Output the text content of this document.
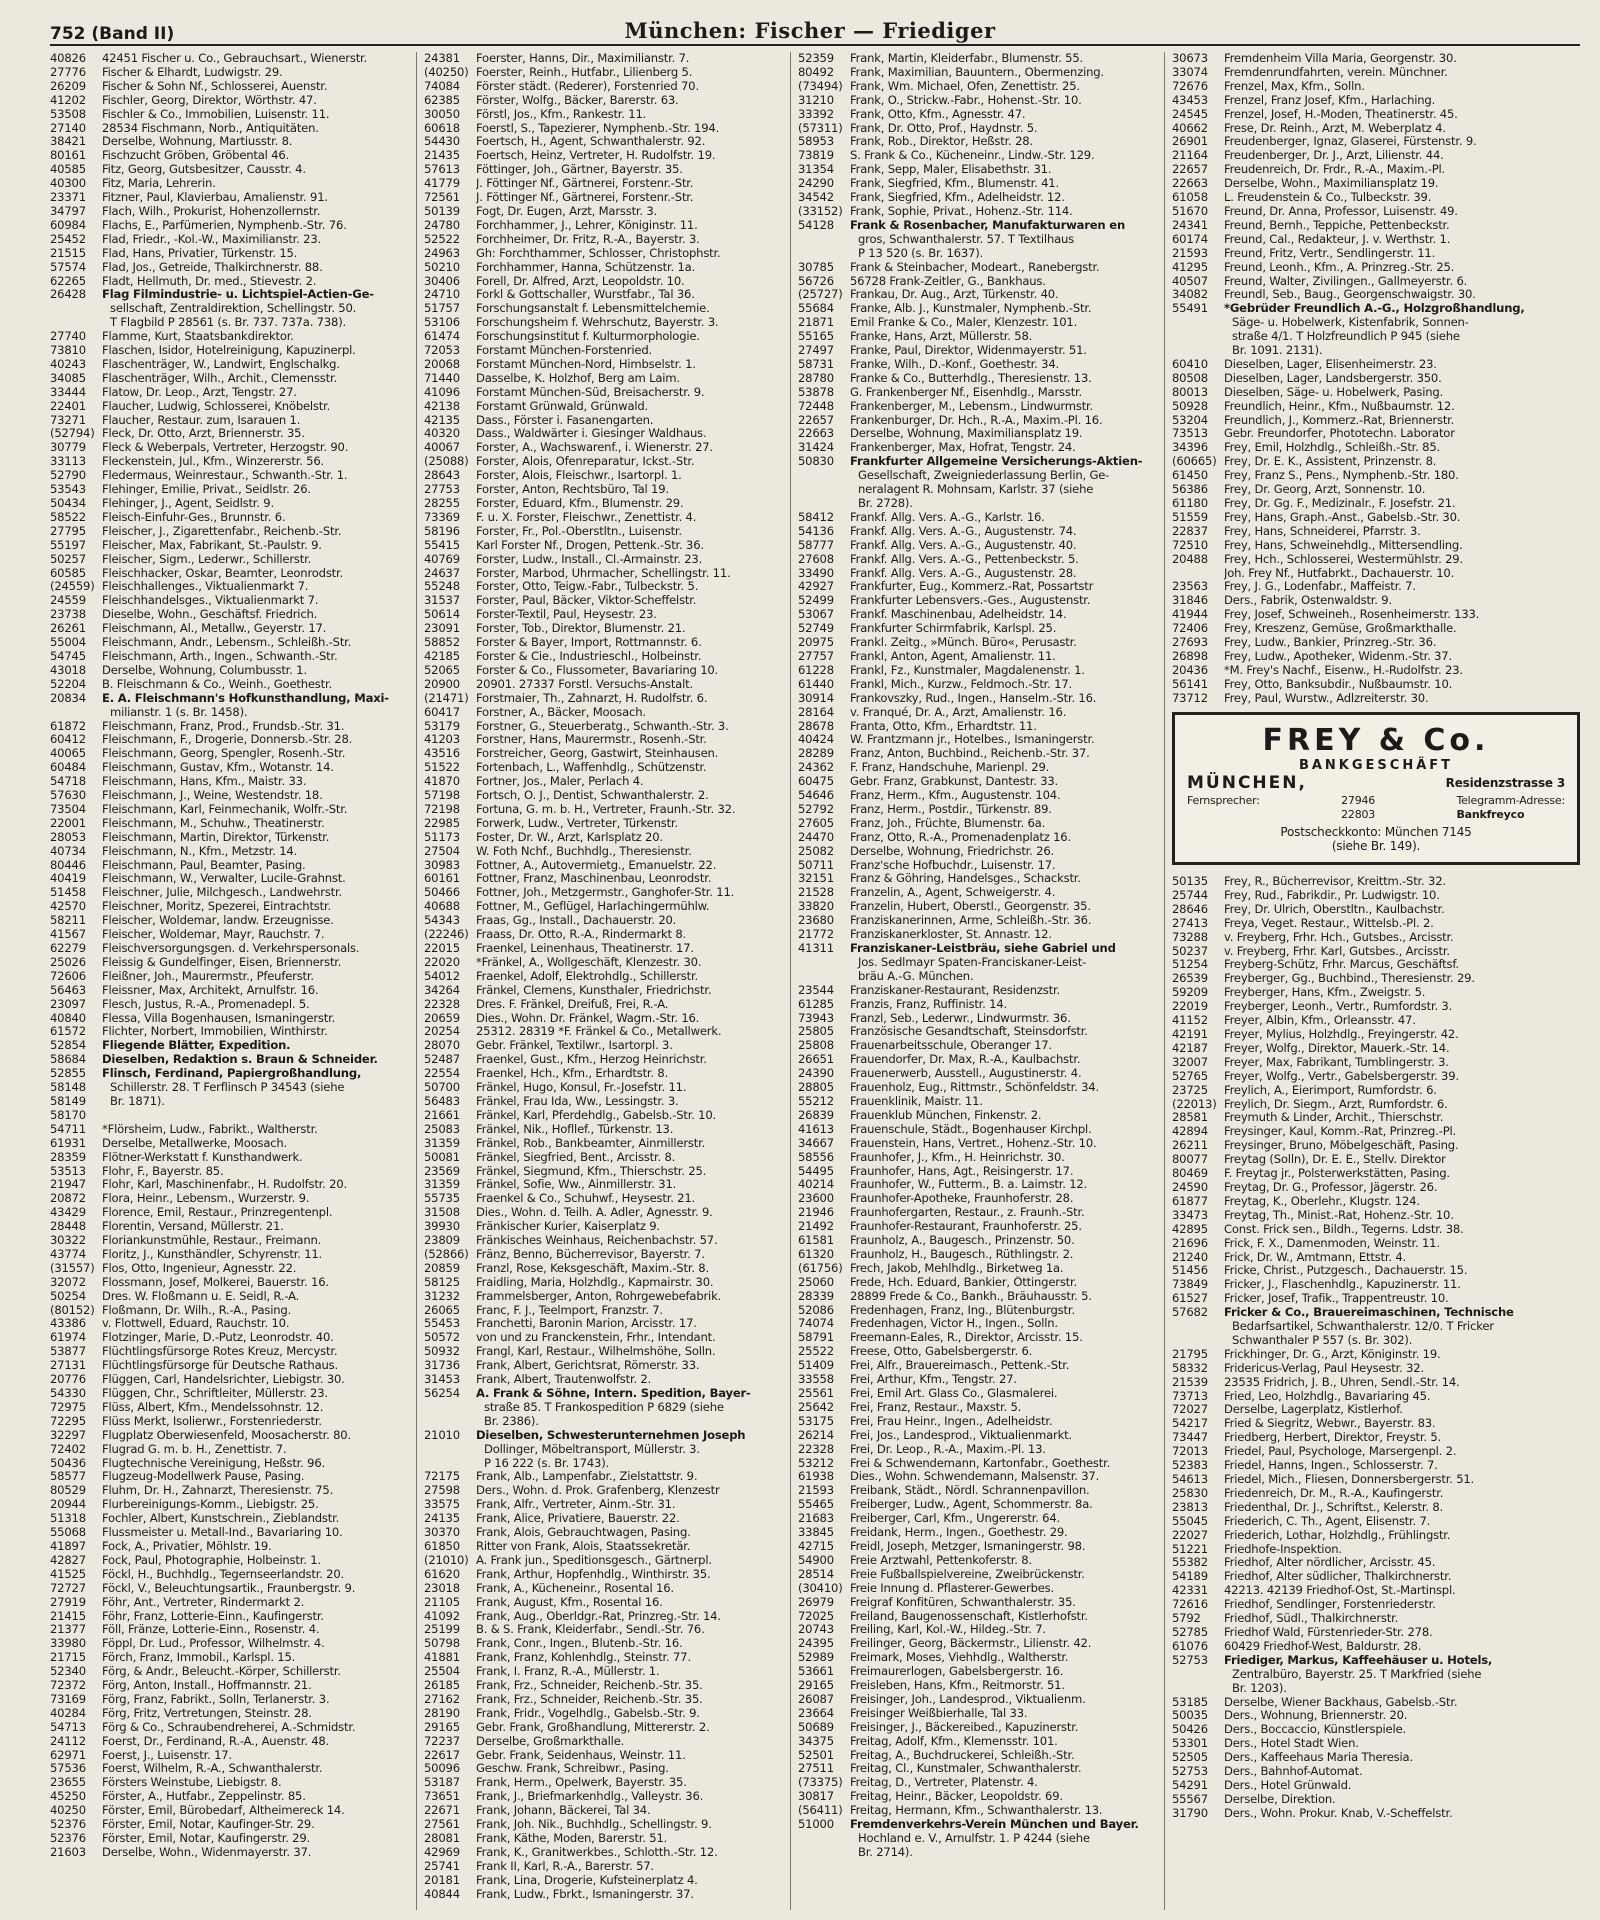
752 (Band II)	München: Fischer — Friediger
40826	42451 Fischer u. Co., Gebrauchsart., Wienerstr.
27776	Fischer & Elhardt, Ludwigstr. 29.
26209	Fischer & Sohn Nf., Schlosserei, Auenstr.
41202	Fischler, Georg, Direktor, Wörthstr. 47.
53508	Fischler & Co., Immobilien, Luisenstr. 11.
27140	28534 Fischmann, Norb., Antiquitäten.
38421	Derselbe, Wohnung, Martiusstr. 8.
80161	Fischzucht Gröben, Gröbental 46.
40585	Fitz, Georg, Gutsbesitzer, Causstr. 4.
40300	Fitz, Maria, Lehrerin.
23371	Fitzner, Paul, Klavierbau, Amalienstr. 91.
34797	Flach, Wilh., Prokurist, Hohenzollernstr.
60984	Flachs, E., Parfümerien, Nymphenb.-Str. 76.
25452	Flad, Friedr., -Kol.-W., Maximilianstr. 23.
21515	Flad, Hans, Privatier, Türkenstr. 15.
57574	Flad, Jos., Getreide, Thalkirchnerstr. 88.
62265	Fladt, Hellmuth, Dr. med., Stievestr. 2.
26428	Flag Filmindustrie- u. Lichtspiel-Actien-Ge-
sellschaft, Zentraldirektion, Schellingstr. 50.
T Flagbild P 28561 (s. Br. 737. 737a. 738).
27740	Flamme, Kurt, Staatsbankdirektor.
73810	Flaschen, Isidor, Hotelreinigung, Kapuzinerpl.
40243	Flaschenträger, W., Landwirt, Englschalkg.
34085	Flaschenträger, Wilh., Archit., Clemensstr.
33444	Flatow, Dr. Leop., Arzt, Tengstr. 27.
22401	Flaucher, Ludwig, Schlosserei, Knöbelstr.
73271	Flaucher, Restaur. zum, Isarauen 1.
(52794) Fleck, Dr. Otto, Arzt, Briennerstr. 35.
30779	Fleck & Weberpals, Vertreter, Herzogstr. 90.
33113	Fleckenstein, Jul., Kfm., Winzererstr. 56.
52790	Fledermaus, Weinrestaur., Schwanth.-Str. 1.
53543	Flehinger, Emilie, Privat., Seidlstr. 26.
50434	Flehinger, J., Agent, Seidlstr. 9.
58522	Fleisch-Einfuhr-Ges., Brunnstr. 6.
27795	Fleischer, J., Zigarettenfabr., Reichenb.-Str.
55197	Fleischer, Max, Fabrikant, St.-Paulstr. 9.
50257	Fleischer, Sigm., Lederwr., Schillerstr.
60585	Fleischhacker, Oskar, Beamter, Leonrodstr.
(24559) Fleischhallenges., Viktualienmarkt 7.
24559	Fleischhandelsges., Viktualienmarkt 7.
23738	Dieselbe, Wohn., Geschäftsf. Friedrich.
26261	Fleischmann, Al., Metallw., Geyerstr. 17.
55004	Fleischmann, Andr., Lebensm., Schleißh.-Str.
54745	Fleischmann, Arth., Ingen., Schwanth.-Str.
43018	Derselbe, Wohnung, Columbusstr. 1.
52204	B. Fleischmann & Co., Weinh., Goethestr.
20834	E. A. Fleischmann's Hofkunsthandlung, Maxi-
milianstr. 1 (s. Br. 1458).
61872	Fleischmann, Franz, Prod., Frundsb.-Str. 31.
60412	Fleischmann, F., Drogerie, Donnersb.-Str. 28.
40065	Fleischmann, Georg, Spengler, Rosenh.-Str.
60484	Fleischmann, Gustav, Kfm., Wotanstr. 14.
54718	Fleischmann, Hans, Kfm., Maistr. 33.
57630	Fleischmann, J., Weine, Westendstr. 18.
73504	Fleischmann, Karl, Feinmechanik, Wolfr.-Str.
22001	Fleischmann, M., Schuhw., Theatinerstr.
28053	Fleischmann, Martin, Direktor, Türkenstr.
40734	Fleischmann, N., Kfm., Metzstr. 14.
80446	Fleischmann, Paul, Beamter, Pasing.
40419	Fleischmann, W., Verwalter, Lucile-Grahnst.
51458	Fleischner, Julie, Milchgesch., Landwehrstr.
42570	Fleischner, Moritz, Spezerei, Eintrachtstr.
58211	Fleischer, Woldemar, landw. Erzeugnisse.
41567	Fleischer, Woldemar, Mayr, Rauchstr. 7.
62279	Fleischversorgungsgen. d. Verkehrspersonals.
25026	Fleissig & Gundelfinger, Eisen, Briennerstr.
72606	Fleißner, Joh., Maurermstr., Pfeuferstr.
56463	Fleissner, Max, Architekt, Arnulfstr. 16.
23097	Flesch, Justus, R.-A., Promenadepl. 5.
40840	Flessa, Villa Bogenhausen, Ismaningerstr.
61572	Flichter, Norbert, Immobilien, Winthirstr.
52854	Fliegende Blätter, Expedition.
58684	Dieselben, Redaktion s. Braun & Schneider.
52855	Flinsch, Ferdinand, Papiergroßhandlung,
58148	Schillerstr. 28. T Ferflinsch P 34543 (siehe
58149	Br. 1871).
58170
54711	*Flörsheim, Ludw., Fabrikt., Waltherstr.
61931	Derselbe, Metallwerke, Moosach.
28359	Flötner-Werkstatt f. Kunsthandwerk.
53513	Flohr, F., Bayerstr. 85.
21947	Flohr, Karl, Maschinenfabr., H. Rudolfstr. 20.
20872	Flora, Heinr., Lebensm., Wurzerstr. 9.
43429	Florence, Emil, Restaur., Prinzregentenpl.
28448	Florentin, Versand, Müllerstr. 21.
30322	Floriankunstmühle, Restaur., Freimann.
43774	Floritz, J., Kunsthändler, Schyrenstr. 11.
(31557) Flos, Otto, Ingenieur, Agnesstr. 22.
32072	Flossmann, Josef, Molkerei, Bauerstr. 16.
50254	Dres. W. Floßmann u. E. Seidl, R.-A.
(80152) Floßmann, Dr. Wilh., R.-A., Pasing.
43386	v. Flottwell, Eduard, Rauchstr. 10.
61974	Flotzinger, Marie, D.-Putz, Leonrodstr. 40.
53877	Flüchtlingsfürsorge Rotes Kreuz, Mercystr.
27131	Flüchtlingsfürsorge für Deutsche Rathaus.
20776	Flüggen, Carl, Handelsrichter, Liebigstr. 30.
54330	Flüggen, Chr., Schriftleiter, Müllerstr. 23.
72975	Flüss, Albert, Kfm., Mendelssohnstr. 12.
72295	Flüss Merkt, Isolierwr., Forstenriederstr.
32297	Flugplatz Oberwiesenfeld, Moosacherstr. 80.
72402	Flugrad G. m. b. H., Zenettistr. 7.
50436	Flugtechnische Vereinigung, Heßstr. 96.
58577	Flugzeug-Modellwerk Pause, Pasing.
80529	Fluhm, Dr. H., Zahnarzt, Theresienstr. 75.
20944	Flurbereinigungs-Komm., Liebigstr. 25.
51318	Fochler, Albert, Kunstschrein., Zieblandstr.
55068	Flussmeister u. Metall-Ind., Bavariaring 10.
41897	Fock, A., Privatier, Möhlstr. 19.
42827	Fock, Paul, Photographie, Holbeinstr. 1.
41525	Föckl, H., Buchhdlg., Tegernseerlandstr. 20.
72727	Föckl, V., Beleuchtungsartik., Fraunbergstr. 9.
27919	Föhr, Ant., Vertreter, Rindermarkt 2.
21415	Föhr, Franz, Lotterie-Einn., Kaufingerstr.
21377	Föll, Fränze, Lotterie-Einn., Rosenstr. 4.
33980	Föppl, Dr. Lud., Professor, Wilhelmstr. 4.
21715	Förch, Franz, Immobil., Karlspl. 15.
52340	Förg, & Andr., Beleucht.-Körper, Schillerstr.
72372	Förg, Anton, Install., Hoffmannstr. 21.
73169	Förg, Franz, Fabrikt., Solln, Terlanerstr. 3.
40284	Förg, Fritz, Vertretungen, Steinstr. 28.
54713	Förg & Co., Schraubendreherei, A.-Schmidstr.
24112	Foerst, Dr., Ferdinand, R.-A., Auenstr. 48.
62971	Foerst, J., Luisenstr. 17.
57536	Foerst, Wilhelm, R.-A., Schwanthalerstr.
23655	Försters Weinstube, Liebigstr. 8.
45250	Förster, A., Hutfabr., Zeppelinstr. 85.
40250	Förster, Emil, Bürobedarf, Altheimereck 14.
52376	Förster, Emil, Notar, Kaufinger-Str. 29.
52376	Förster, Emil, Notar, Kaufingerstr. 29.
21603	Derselbe, Wohn., Widenmayerstr. 37.
24381	Foerster, Hanns, Dir., Maximilianstr. 7.
(40250) Foerster, Reinh., Hutfabr., Lilienberg 5.
74084	Förster städt. (Rederer), Forstenried 70.
62385	Förster, Wolfg., Bäcker, Barerstr. 63.
30050	Förstl, Jos., Kfm., Rankestr. 11.
60618	Foerstl, S., Tapezierer, Nymphenb.-Str. 194.
54430	Foertsch, H., Agent, Schwanthalerstr. 92.
21435	Foertsch, Heinz, Vertreter, H. Rudolfstr. 19.
57613	Föttinger, Joh., Gärtner, Bayerstr. 35.
41779	J. Föttinger Nf., Gärtnerei, Forstenr.-Str.
72561	J. Föttinger Nf., Gärtnerei, Forstenr.-Str.
50139	Fogt, Dr. Eugen, Arzt, Marsstr. 3.
24780	Forchhammer, J., Lehrer, Königinstr. 11.
52522	Forchheimer, Dr. Fritz, R.-A., Bayerstr. 3.
24963	Gh: Forchthammer, Schlosser, Christophstr.
50210	Forchhammer, Hanna, Schützenstr. 1a.
30406	Forell, Dr. Alfred, Arzt, Leopoldstr. 10.
24710	Forkl & Gottschaller, Wurstfabr., Tal 36.
51757	Forschungsanstalt f. Lebensmittelchemie.
53106	Forschungsheim f. Wehrschutz, Bayerstr. 3.
61474	Forschungsinstitut f. Kulturmorphologie.
72053	Forstamt München-Forstenried.
20068	Forstamt München-Nord, Himbselstr. 1.
71440	Dasselbe, K. Holzhof, Berg am Laim.
41096	Forstamt München-Süd, Breisacherstr. 9.
42138	Forstamt Grünwald, Grünwald.
42135	Dass., Förster i. Fasanengarten.
40320	Dass., Waldwärter i. Giesinger Waldhaus.
40067	Forster, A., Wachswarenf., i. Wienerstr. 27.
(25088) Forster, Alois, Ofenreparatur, Ickst.-Str.
28643	Forster, Alois, Fleischwr., Isartorpl. 1.
27753	Forster, Anton, Rechtsbüro, Tal 19.
28255	Forster, Eduard, Kfm., Blumenstr. 29.
73369	F. u. X. Forster, Fleischwr., Zenettistr. 4.
58196	Forster, Fr., Pol.-Oberstltn., Luisenstr.
55415	Karl Forster Nf., Drogen, Pettenk.-Str. 36.
40769	Forster, Ludw., Install., Cl.-Armainstr. 23.
24637	Forster, Marbod, Uhrmacher, Schellingstr. 11.
55248	Forster, Otto, Teigw.-Fabr., Tulbeckstr. 5.
31537	Forster, Paul, Bäcker, Viktor-Scheffelstr.
50614	Forster-Textil, Paul, Heysestr. 23.
23091	Forster, Tob., Direktor, Blumenstr. 21.
58852	Forster & Bayer, Import, Rottmannstr. 6.
42185	Forster & Cie., Industrieschl., Holbeinstr.
52065	Forster & Co., Flussometer, Bavariaring 10.
20900	20901. 27337 Forstl. Versuchs-Anstalt.
(21471) Forstmaier, Th., Zahnarzt, H. Rudolfstr. 6.
60417	Forstner, A., Bäcker, Moosach.
53179	Forstner, G., Steuerberatg., Schwanth.-Str. 3.
41203	Forstner, Hans, Maurermstr., Rosenh.-Str.
43516	Forstreicher, Georg, Gastwirt, Steinhausen.
51522	Fortenbach, L., Waffenhdlg., Schützenstr.
41870	Fortner, Jos., Maler, Perlach 4.
57198	Fortsch, O. J., Dentist, Schwanthalerstr. 2.
72198	Fortuna, G. m. b. H., Vertreter, Fraunh.-Str. 32.
22985	Forwerk, Ludw., Vertreter, Türkenstr.
51173	Foster, Dr. W., Arzt, Karlsplatz 20.
27504	W. Foth Nchf., Buchhdlg., Theresienstr.
30983	Fottner, A., Autovermietg., Emanuelstr. 22.
60161	Fottner, Franz, Maschinenbau, Leonrodstr.
50466	Fottner, Joh., Metzgermstr., Ganghofer-Str. 11.
40688	Fottner, M., Geflügel, Harlachingermühlw.
54343	Fraas, Gg., Install., Dachauerstr. 20.
(22246) Fraass, Dr. Otto, R.-A., Rindermarkt 8.
22015	Fraenkel, Leinenhaus, Theatinerstr. 17.
22020	*Fränkel, A., Wollgeschäft, Klenzestr. 30.
54012	Fraenkel, Adolf, Elektrohdlg., Schillerstr.
34264	Fränkel, Clemens, Kunsthaler, Friedrichstr.
22328	Dres. F. Fränkel, Dreifuß, Frei, R.-A.
20659	Dies., Wohn. Dr. Fränkel, Wagm.-Str. 16.
20254	25312. 28319 *F. Fränkel & Co., Metallwerk.
28070	Gebr. Fränkel, Textilwr., Isartorpl. 3.
52487	Fraenkel, Gust., Kfm., Herzog Heinrichstr.
22554	Fraenkel, Hch., Kfm., Erhardtstr. 8.
50700	Fränkel, Hugo, Konsul, Fr.-Josefstr. 11.
56483	Fränkel, Frau Ida, Ww., Lessingstr. 3.
21661	Fränkel, Karl, Pferdehdlg., Gabelsb.-Str. 10.
25083	Fränkel, Nik., Hofllef., Türkenstr. 13.
31359	Fränkel, Rob., Bankbeamter, Ainmillerstr.
50081	Fränkel, Siegfried, Bent., Arcisstr. 8.
23569	Fränkel, Siegmund, Kfm., Thierschstr. 25.
31359	Fränkel, Sofie, Ww., Ainmillerstr. 31.
55735	Fraenkel & Co., Schuhwf., Heysestr. 21.
31508	Dies., Wohn. d. Teilh. A. Adler, Agnesstr. 9.
39930	Fränkischer Kurier, Kaiserplatz 9.
23809	Fränkisches Weinhaus, Reichenbachstr. 57.
(52866) Fränz, Benno, Bücherrevisor, Bayerstr. 7.
20859	Franzl, Rose, Keksgeschäft, Maxim.-Str. 8.
58125	Fraidling, Maria, Holzhdlg., Kapmairstr. 30.
31232	Frammelsberger, Anton, Rohrgewebefabrik.
26065	Franc, F. J., Teelmport, Franzstr. 7.
55453	Franchetti, Baronin Marion, Arcisstr. 17.
50572	von und zu Franckenstein, Frhr., Intendant.
50932	Frangl, Karl, Restaur., Wilhelmshöhe, Solln.
31736	Frank, Albert, Gerichtsrat, Römerstr. 33.
31453	Frank, Albert, Trautenwolfstr. 2.
56254	A. Frank & Söhne, Intern. Spedition, Bayer-
straße 85. T Frankospedition P 6829 (siehe
Br. 2386).
21010	Dieselben, Schwesterunternehmen Joseph
Dollinger, Möbeltransport, Müllerstr. 3.
P 16 222 (s. Br. 1743).
72175	Frank, Alb., Lampenfabr., Zielstattstr. 9.
27598	Ders., Wohn. d. Prok. Grafenberg, Klenzestr
33575	Frank, Alfr., Vertreter, Ainm.-Str. 31.
24135	Frank, Alice, Privatiere, Bauerstr. 22.
30370	Frank, Alois, Gebrauchtwagen, Pasing.
61850	Ritter von Frank, Alois, Staatssekretär.
(21010) A. Frank jun., Speditionsgesch., Gärtnerpl.
61620	Frank, Arthur, Hopfenhdlg., Winthirstr. 35.
23018	Frank, A., Kücheneinr., Rosental 16.
21105	Frank, August, Kfm., Rosental 16.
41092	Frank, Aug., Oberldgr.-Rat, Prinzreg.-Str. 14.
25199	B. & S. Frank, Kleiderfabr., Sendl.-Str. 76.
50798	Frank, Conr., Ingen., Blutenb.-Str. 16.
41881	Frank, Franz, Kohlenhdlg., Steinstr. 77.
25504	Frank, I. Franz, R.-A., Müllerstr. 1.
26185	Frank, Frz., Schneider, Reichenb.-Str. 35.
27162	Frank, Frz., Schneider, Reichenb.-Str. 35.
28190	Frank, Fridr., Vogelhdlg., Gabelsb.-Str. 9.
29165	Gebr. Frank, Großhandlung, Mittererstr. 2.
72237	Derselbe, Großmarkthalle.
22617	Gebr. Frank, Seidenhaus, Weinstr. 11.
50096	Geschw. Frank, Schreibwr., Pasing.
53187	Frank, Herm., Opelwerk, Bayerstr. 35.
73651	Frank, J., Briefmarkenhdlg., Valleystr. 36.
22671	Frank, Johann, Bäckerei, Tal 34.
27561	Frank, Joh. Nik., Buchhdlg., Schellingstr. 9.
28081	Frank, Käthe, Moden, Barerstr. 51.
42969	Frank, K., Granitwerkbes., Schlotth.-Str. 12.
25741	Frank II, Karl, R.-A., Barerstr. 57.
20181	Frank, Lina, Drogerie, Kufsteinerplatz 4.
40844	Frank, Ludw., Fbrkt., Ismaningerstr. 37.
52359	Frank, Martin, Kleiderfabr., Blumenstr. 55.
80492	Frank, Maximilian, Bauuntern., Obermenzing.
(73494) Frank, Wm. Michael, Ofen, Zenettistr. 25.
31210	Frank, O., Strickw.-Fabr., Hohenst.-Str. 10.
33392	Frank, Otto, Kfm., Agnesstr. 47.
(57311) Frank, Dr. Otto, Prof., Haydnstr. 5.
58953	Frank, Rob., Direktor, Heßstr. 28.
73819	S. Frank & Co., Kücheneinr., Lindw.-Str. 129.
31354	Frank, Sepp, Maler, Elisabethstr. 31.
24290	Frank, Siegfried, Kfm., Blumenstr. 41.
34542	Frank, Siegfried, Kfm., Adelheidstr. 12.
(33152) Frank, Sophie, Privat., Hohenz.-Str. 114.
54128	Frank & Rosenbacher, Manufakturwaren en
gros, Schwanthalerstr. 57. T Textilhaus
P 13 520 (s. Br. 1637).
30785	Frank & Steinbacher, Modeart., Ranebergstr.
56726	56728 Frank-Zeitler, G., Bankhaus.
(25727) Frankau, Dr. Aug., Arzt, Türkenstr. 40.
55684	Franke, Alb. J., Kunstmaler, Nymphenb.-Str.
21871	Emil Franke & Co., Maler, Klenzestr. 101.
55165	Franke, Hans, Arzt, Müllerstr. 58.
27497	Franke, Paul, Direktor, Widenmayerstr. 51.
58731	Franke, Wilh., D.-Konf., Goethestr. 34.
28780	Franke & Co., Butterhdlg., Theresienstr. 13.
53878	G. Frankenberger Nf., Eisenhdlg., Marsstr.
72448	Frankenberger, M., Lebensm., Lindwurmstr.
22657	Frankenburger, Dr. Hch., R.-A., Maxim.-Pl. 16.
22663	Derselbe, Wohnung, Maximiliansplatz 19.
31424	Frankenberger, Max, Hofrat, Tengstr. 24.
50830	Frankfurter Allgemeine Versicherungs-Aktien-
Gesellschaft, Zweigniederlassung Berlin, Ge-
neralagent R. Mohnsam, Karlstr. 37 (siehe
Br. 2728).
58412	Frankf. Allg. Vers. A.-G., Karlstr. 16.
54136	Frankf. Allg. Vers. A.-G., Augustenstr. 74.
58777	Frankf. Allg. Vers. A.-G., Augustenstr. 40.
27608	Frankf. Allg. Vers. A.-G., Pettenbeckstr. 5.
33490	Frankf. Allg. Vers. A.-G., Augustenstr. 28.
42927	Frankfurter, Eug., Kommerz.-Rat, Possartstr
52499	Frankfurter Lebensvers.-Ges., Augustenstr.
53067	Frankf. Maschinenbau, Adelheidstr. 14.
52749	Frankfurter Schirmfabrik, Karlspl. 25.
20975	Frankl. Zeitg., »Münch. Büro«, Perusastr.
27757	Frankl, Anton, Agent, Amalienstr. 11.
61228	Frankl, Fz., Kunstmaler, Magdalenenstr. 1.
61440	Frankl, Mich., Kurzw., Feldmoch.-Str. 17.
30914	Frankovszky, Rud., Ingen., Hanselm.-Str. 16.
28164	v. Franqué, Dr. A., Arzt, Amalienstr. 16.
28678	Franta, Otto, Kfm., Erhardtstr. 11.
40424	W. Frantzmann jr., Hotelbes., Ismaningerstr.
28289	Franz, Anton, Buchbind., Reichenb.-Str. 37.
24362	F. Franz, Handschuhe, Marienpl. 29.
60475	Gebr. Franz, Grabkunst, Dantestr. 33.
54646	Franz, Herm., Kfm., Augustenstr. 104.
52792	Franz, Herm., Postdir., Türkenstr. 89.
27605	Franz, Joh., Früchte, Blumenstr. 6a.
24470	Franz, Otto, R.-A., Promenadenplatz 16.
25082	Derselbe, Wohnung, Friedrichstr. 26.
50711	Franz'sche Hofbuchdr., Luisenstr. 17.
32151	Franz & Göhring, Handelsges., Schackstr.
21528	Franzelin, A., Agent, Schweigerstr. 4.
33820	Franzelin, Hubert, Oberstl., Georgenstr. 35.
23680	Franziskanerinnen, Arme, Schleißh.-Str. 36.
21772	Franziskanerkloster, St. Annastr. 12.
41311	Franziskaner-Leistbräu, siehe Gabriel und
Jos. Sedlmayr Spaten-Franciskaner-Leist-
bräu A.-G. München.
23544	Franziskaner-Restaurant, Residenzstr.
61285	Franzis, Franz, Ruffinistr. 14.
73943	Franzl, Seb., Lederwr., Lindwurmstr. 36.
25805	Französische Gesandtschaft, Steinsdorfstr.
25808	Frauenarbeitsschule, Oberanger 17.
26651	Frauendorfer, Dr. Max, R.-A., Kaulbachstr.
24390	Frauenerwerb, Ausstell., Augustinerstr. 4.
28805	Frauenholz, Eug., Rittmstr., Schönfeldstr. 34.
55212	Frauenklinik, Maistr. 11.
26839	Frauenklub München, Finkenstr. 2.
41613	Frauenschule, Städt., Bogenhauser Kirchpl.
34667	Frauenstein, Hans, Vertret., Hohenz.-Str. 10.
58556	Fraunhofer, J., Kfm., H. Heinrichstr. 30.
54495	Fraunhofer, Hans, Agt., Reisingerstr. 17.
40214	Fraunhofer, W., Futterm., B. a. Laimstr. 12.
23600	Fraunhofer-Apotheke, Fraunhoferstr. 28.
21946	Fraunhofergarten, Restaur., z. Fraunh.-Str.
21492	Fraunhofer-Restaurant, Fraunhoferstr. 25.
61581	Fraunholz, A., Baugesch., Prinzenstr. 50.
61320	Fraunholz, H., Baugesch., Rüthlingstr. 2.
(61756) Frech, Jakob, Mehlhdlg., Birketweg 1a.
25060	Frede, Hch. Eduard, Bankier, Öttingerstr.
28339	28899 Frede & Co., Bankh., Bräuhausstr. 5.
52086	Fredenhagen, Franz, Ing., Blütenburgstr.
74074	Fredenhagen, Victor H., Ingen., Solln.
58791	Freemann-Eales, R., Direktor, Arcisstr. 15.
25522	Freese, Otto, Gabelsbergerstr. 6.
51409	Frei, Alfr., Brauereimasch., Pettenk.-Str.
33558	Frei, Arthur, Kfm., Tengstr. 27.
25561	Frei, Emil Art. Glass Co., Glasmalerei.
25642	Frei, Franz, Restaur., Maxstr. 5.
53175	Frei, Frau Heinr., Ingen., Adelheidstr.
26214	Frei, Jos., Landesprod., Viktualienmarkt.
22328	Frei, Dr. Leop., R.-A., Maxim.-Pl. 13.
53212	Frei & Schwendemann, Kartonfabr., Goethestr.
61938	Dies., Wohn. Schwendemann, Malsenstr. 37.
21593	Freibank, Städt., Nördl. Schrannenpavillon.
55465	Freiberger, Ludw., Agent, Schommerstr. 8a.
21683	Freiberger, Carl, Kfm., Ungererstr. 64.
33845	Freidank, Herm., Ingen., Goethestr. 29.
42715	Freidl, Joseph, Metzger, Ismaningerstr. 98.
54900	Freie Arztwahl, Pettenkoferstr. 8.
28514	Freie Fußballspielvereine, Zweibrückenstr.
(30410) Freie Innung d. Pflasterer-Gewerbes.
26979	Freigraf Konfitüren, Schwanthalerstr. 35.
72025	Freiland, Baugenossenschaft, Kistlerhofstr.
20743	Freiling, Karl, Kol.-W., Hildeg.-Str. 7.
24395	Freilinger, Georg, Bäckermstr., Lilienstr. 42.
52989	Freimark, Moses, Viehhdlg., Waltherstr.
53661	Freimaurerlogen, Gabelsbergerstr. 16.
29165	Freisleben, Hans, Kfm., Reitmorstr. 51.
26087	Freisinger, Joh., Landesprod., Viktualienm.
23664	Freisinger Weißbierhalle, Tal 33.
50689	Freisinger, J., Bäckereibed., Kapuzinerstr.
34375	Freitag, Adolf, Kfm., Klemensstr. 101.
52501	Freitag, A., Buchdruckerei, Schleißh.-Str.
27511	Freitag, Cl., Kunstmaler, Schwanthalerstr.
(73375) Freitag, D., Vertreter, Platenstr. 4.
30817	Freitag, Heinr., Bäcker, Leopoldstr. 69.
(56411) Freitag, Hermann, Kfm., Schwanthalerstr. 13.
51000	Fremdenverkehrs-Verein München und Bayer.
Hochland e. V., Arnulfstr. 1. P 4244 (siehe
Br. 2714).
30673	Fremdenheim Villa Maria, Georgenstr. 30.
33074	Fremdenrundfahrten, verein. Münchner.
72676	Frenzel, Max, Kfm., Solln.
43453	Frenzel, Franz Josef, Kfm., Harlaching.
24545	Frenzel, Josef, H.-Moden, Theatinerstr. 45.
40662	Frese, Dr. Reinh., Arzt, M. Weberplatz 4.
26901	Freudenberger, Ignaz, Glaserei, Fürstenstr. 9.
21164	Freudenberger, Dr. J., Arzt, Lilienstr. 44.
22657	Freudenreich, Dr. Frdr., R.-A., Maxim.-Pl.
22663	Derselbe, Wohn., Maximiliansplatz 19.
61058	L. Freudenstein & Co., Tulbeckstr. 39.
51670	Freund, Dr. Anna, Professor, Luisenstr. 49.
24341	Freund, Bernh., Teppiche, Pettenbeckstr.
60174	Freund, Cal., Redakteur, J. v. Werthstr. 1.
21593	Freund, Fritz, Vertr., Sendlingerstr. 11.
41295	Freund, Leonh., Kfm., A. Prinzreg.-Str. 25.
40507	Freund, Walter, Zivilingen., Gallmeyerstr. 6.
34082	Freundl, Seb., Baug., Georgenschwaigstr. 30.
55491	*Gebrüder Freundlich A.-G., Holzgroßhandlung,
Säge- u. Hobelwerk, Kistenfabrik, Sonnen-
straße 4/1. T Holzfreundlich P 945 (siehe
Br. 1091. 2131).
60410	Dieselben, Lager, Elisenheimerstr. 23.
80508	Dieselben, Lager, Landsbergerstr. 350.
80013	Dieselben, Säge- u. Hobelwerk, Pasing.
50928	Freundlich, Heinr., Kfm., Nußbaumstr. 12.
53204	Freundlich, J., Kommerz.-Rat, Briennerstr.
73513	Gebr. Freundorfer, Phototechn. Laborator
34396	Frey, Emil, Holzhdlg., Schleißh.-Str. 85.
(60665) Frey, Dr. E. K., Assistent, Prinzenstr. 8.
61450	Frey, Franz S., Pens., Nymphenb.-Str. 180.
56386	Frey, Dr. Georg, Arzt, Sonnenstr. 10.
61180	Frey, Dr. Gg. F., Medizinalr., F. Josefstr. 21.
51559	Frey, Hans, Graph.-Anst., Gabelsb.-Str. 30.
22837	Frey, Hans, Schneiderei, Pfarrstr. 3.
72510	Frey, Hans, Schweinehdlg., Mittersendling.
20488	Frey, Hch., Schlosserei, Westermühlstr. 29.
Joh. Frey Nf., Hutfabrkt., Dachauerstr. 10.
23563	Frey, J. G., Lodenfabr., Maffeistr. 7.
31846	Ders., Fabrik, Ostenwaldstr. 9.
41944	Frey, Josef, Schweineh., Rosenheimerstr. 133.
72406	Frey, Kreszenz, Gemüse, Großmarkthalle.
27693	Frey, Ludw., Bankier, Prinzreg.-Str. 36.
26898	Frey, Ludw., Apotheker, Widenm.-Str. 37.
20436	*M. Frey's Nachf., Eisenw., H.-Rudolfstr. 23.
56141	Frey, Otto, Banksubdir., Nußbaumstr. 10.
73712	Frey, Paul, Wurstw., Adlzreiterstr. 30.
FREY & Co.
BANKGESCHÄFT
MÜNCHEN,	Residenzstrasse 3
Fernsprecher:	27946
22803
Telegramm-Adresse:
Bankfreyco
Postscheckkonto: München 7145
(siehe Br. 149).
50135	Frey, R., Bücherrevisor, Kreittm.-Str. 32.
25744	Frey, Rud., Fabrikdir., Pr. Ludwigstr. 10.
28646	Frey, Dr. Ulrich, Oberstltn., Kaulbachstr.
27413	Freya, Veget. Restaur., Wittelsb.-Pl. 2.
73288	v. Freyberg, Frhr. Hch., Gutsbes., Arcisstr.
50237	v. Freyberg, Frhr. Karl, Gutsbes., Arcisstr.
51254	Freyberg-Schütz, Frhr. Marcus, Geschäftsf.
26539	Freyberger, Gg., Buchbind., Theresienstr. 29.
59209	Freyberger, Hans, Kfm., Zweigstr. 5.
22019	Freyberger, Leonh., Vertr., Rumfordstr. 3.
41152	Freyer, Albin, Kfm., Orleansstr. 47.
42191	Freyer, Mylius, Holzhdlg., Freyingerstr. 42.
42187	Freyer, Wolfg., Direktor, Mauerk.-Str. 14.
32007	Freyer, Max, Fabrikant, Tumblingerstr. 3.
52765	Freyer, Wolfg., Vertr., Gabelsbergerstr. 39.
23725	Freylich, A., Eierimport, Rumfordstr. 6.
(22013) Freylich, Dr. Siegm., Arzt, Rumfordstr. 6.
28581	Freymuth & Linder, Archit., Thierschstr.
42894	Freysinger, Kaul, Komm.-Rat, Prinzreg.-Pl.
26211	Freysinger, Bruno, Möbelgeschäft, Pasing.
80077	Freytag (Solln), Dr. E. E., Stellv. Direktor
80469	F. Freytag jr., Polsterwerkstätten, Pasing.
24590	Freytag, Dr. G., Professor, Jägerstr. 26.
61877	Freytag, K., Oberlehr., Klugstr. 124.
33473	Freytag, Th., Minist.-Rat, Hohenz.-Str. 10.
42895	Const. Frick sen., Bildh., Tegerns. Ldstr. 38.
21696	Frick, F. X., Damenmoden, Weinstr. 11.
21240	Frick, Dr. W., Amtmann, Ettstr. 4.
51456	Fricke, Christ., Putzgesch., Dachauerstr. 15.
73849	Fricker, J., Flaschenhdlg., Kapuzinerstr. 11.
61527	Fricker, Josef, Trafik., Trappentreustr. 10.
57682	Fricker & Co., Brauereimaschinen, Technische
Bedarfsartikel, Schwanthalerstr. 12/0. T Fricker
Schwanthaler P 557 (s. Br. 302).
21795	Frickhinger, Dr. G., Arzt, Königinstr. 19.
58332	Fridericus-Verlag, Paul Heysestr. 32.
21539	23535 Fridrich, J. B., Uhren, Sendl.-Str. 14.
73713	Fried, Leo, Holzhdlg., Bavariaring 45.
72027	Derselbe, Lagerplatz, Kistlerhof.
54217	Fried & Siegritz, Webwr., Bayerstr. 83.
73447	Friedberg, Herbert, Direktor, Freystr. 5.
72013	Friedel, Paul, Psychologe, Marsergenpl. 2.
52383	Friedel, Hanns, Ingen., Schlosserstr. 7.
54613	Friedel, Mich., Fliesen, Donnersbergerstr. 51.
25830	Friedenreich, Dr. M., R.-A., Kaufingerstr.
23813	Friedenthal, Dr. J., Schriftst., Kelerstr. 8.
55045	Friederich, C. Th., Agent, Elisenstr. 7.
22027	Friederich, Lothar, Holzhdlg., Frühlingstr.
51221	Friedhofe-Inspektion.
55382	Friedhof, Alter nördlicher, Arcisstr. 45.
54189	Friedhof, Alter südlicher, Thalkirchnerstr.
42331	42213. 42139 Friedhof-Ost, St.-Martinspl.
72616	Friedhof, Sendlinger, Forstenriederstr.
5792	Friedhof, Südl., Thalkirchnerstr.
52785	Friedhof Wald, Fürstenrieder-Str. 278.
61076	60429 Friedhof-West, Baldurstr. 28.
52753	Friediger, Markus, Kaffeehäuser u. Hotels,
Zentralbüro, Bayerstr. 25. T Markfried (siehe
Br. 1203).
53185	Derselbe, Wiener Backhaus, Gabelsb.-Str.
50035	Ders., Wohnung, Briennerstr. 20.
50426	Ders., Boccaccio, Künstlerspiele.
53301	Ders., Hotel Stadt Wien.
52505	Ders., Kaffeehaus Maria Theresia.
52753	Ders., Bahnhof-Automat.
54291	Ders., Hotel Grünwald.
55567	Derselbe, Direktion.
31790	Ders., Wohn. Prokur. Knab, V.-Scheffelstr.
